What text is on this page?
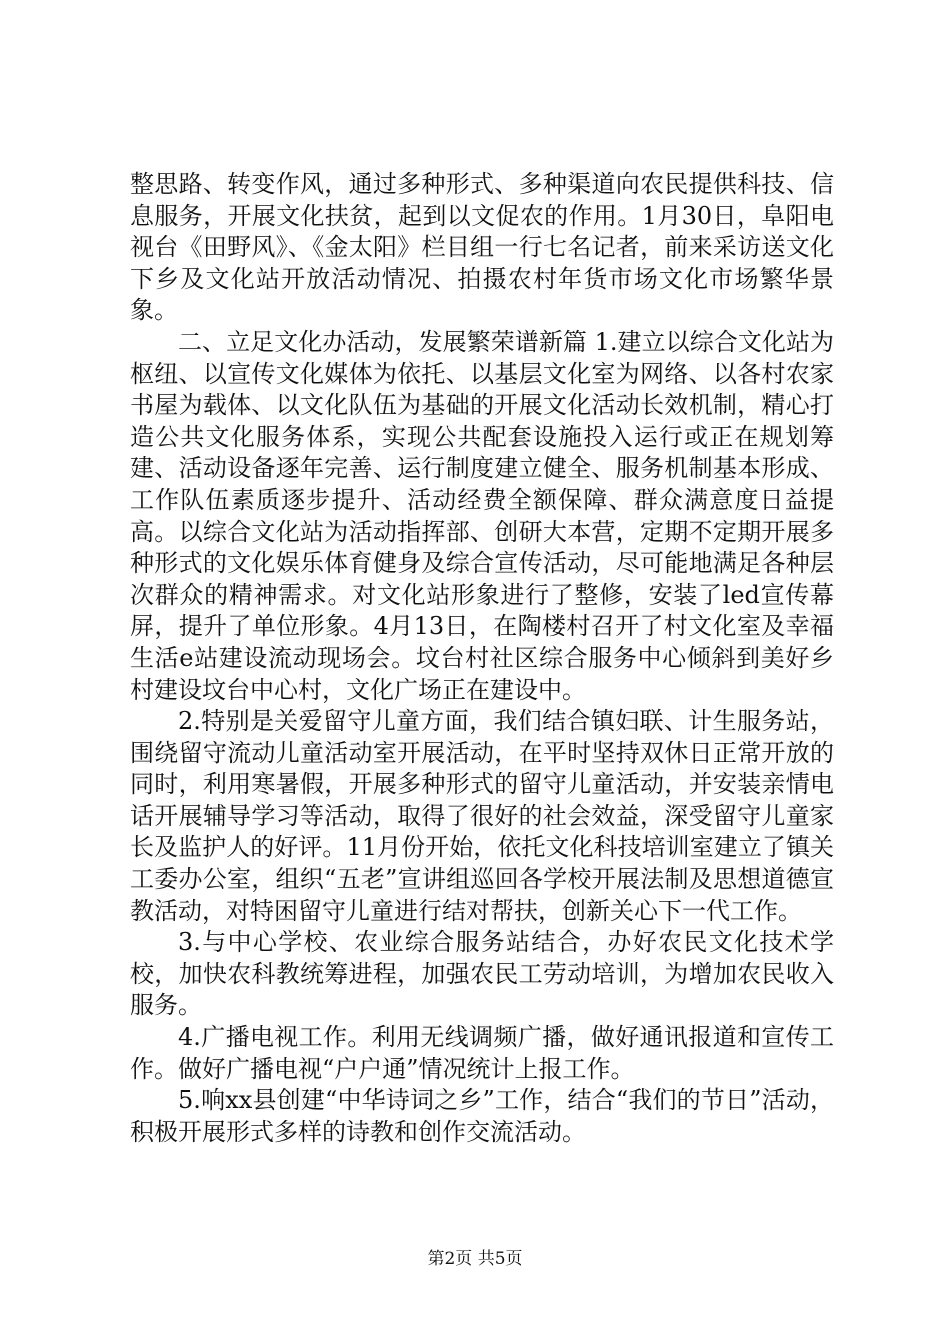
整思路、转变作风，通过多种形式、多种渠道向农民提供科技、信息服务，开展文化扶贫，起到以文促农的作用。1月30日，阜阳电视台《田野风》、《金太阳》栏目组一行七名记者，前来采访送文化下乡及文化站开放活动情况、拍摄农村年货市场文化市场繁华景象。

二、立足文化办活动，发展繁荣谱新篇 1.建立以综合文化站为枢纽、以宣传文化媒体为依托、以基层文化室为网络、以各村农家书屋为载体、以文化队伍为基础的开展文化活动长效机制，精心打造公共文化服务体系，实现公共配套设施投入运行或正在规划筹建、活动设备逐年完善、运行制度建立健全、服务机制基本形成、工作队伍素质逐步提升、活动经费全额保障、群众满意度日益提高。以综合文化站为活动指挥部、创研大本营，定期不定期开展多种形式的文化娱乐体育健身及综合宣传活动，尽可能地满足各种层次群众的精神需求。对文化站形象进行了整修，安装了led宣传幕屏，提升了单位形象。4月13日，在陶楼村召开了村文化室及幸福生活e站建设流动现场会。坟台村社区综合服务中心倾斜到美好乡村建设坟台中心村，文化广场正在建设中。

2.特别是关爱留守儿童方面，我们结合镇妇联、计生服务站，围绕留守流动儿童活动室开展活动，在平时坚持双休日正常开放的同时，利用寒暑假，开展多种形式的留守儿童活动，并安装亲情电话开展辅导学习等活动，取得了很好的社会效益，深受留守儿童家长及监护人的好评。11月份开始，依托文化科技培训室建立了镇关工委办公室，组织“五老”宣讲组巡回各学校开展法制及思想道德宣教活动，对特困留守儿童进行结对帮扶，创新关心下一代工作。

3.与中心学校、农业综合服务站结合，办好农民文化技术学校，加快农科教统筹进程，加强农民工劳动培训，为增加农民收入服务。

4.广播电视工作。利用无线调频广播，做好通讯报道和宣传工作。做好广播电视“户户通”情况统计上报工作。

5.响xx县创建“中华诗词之乡”工作，结合“我们的节日”活动，积极开展形式多样的诗教和创作交流活动。

第2页 共5页
